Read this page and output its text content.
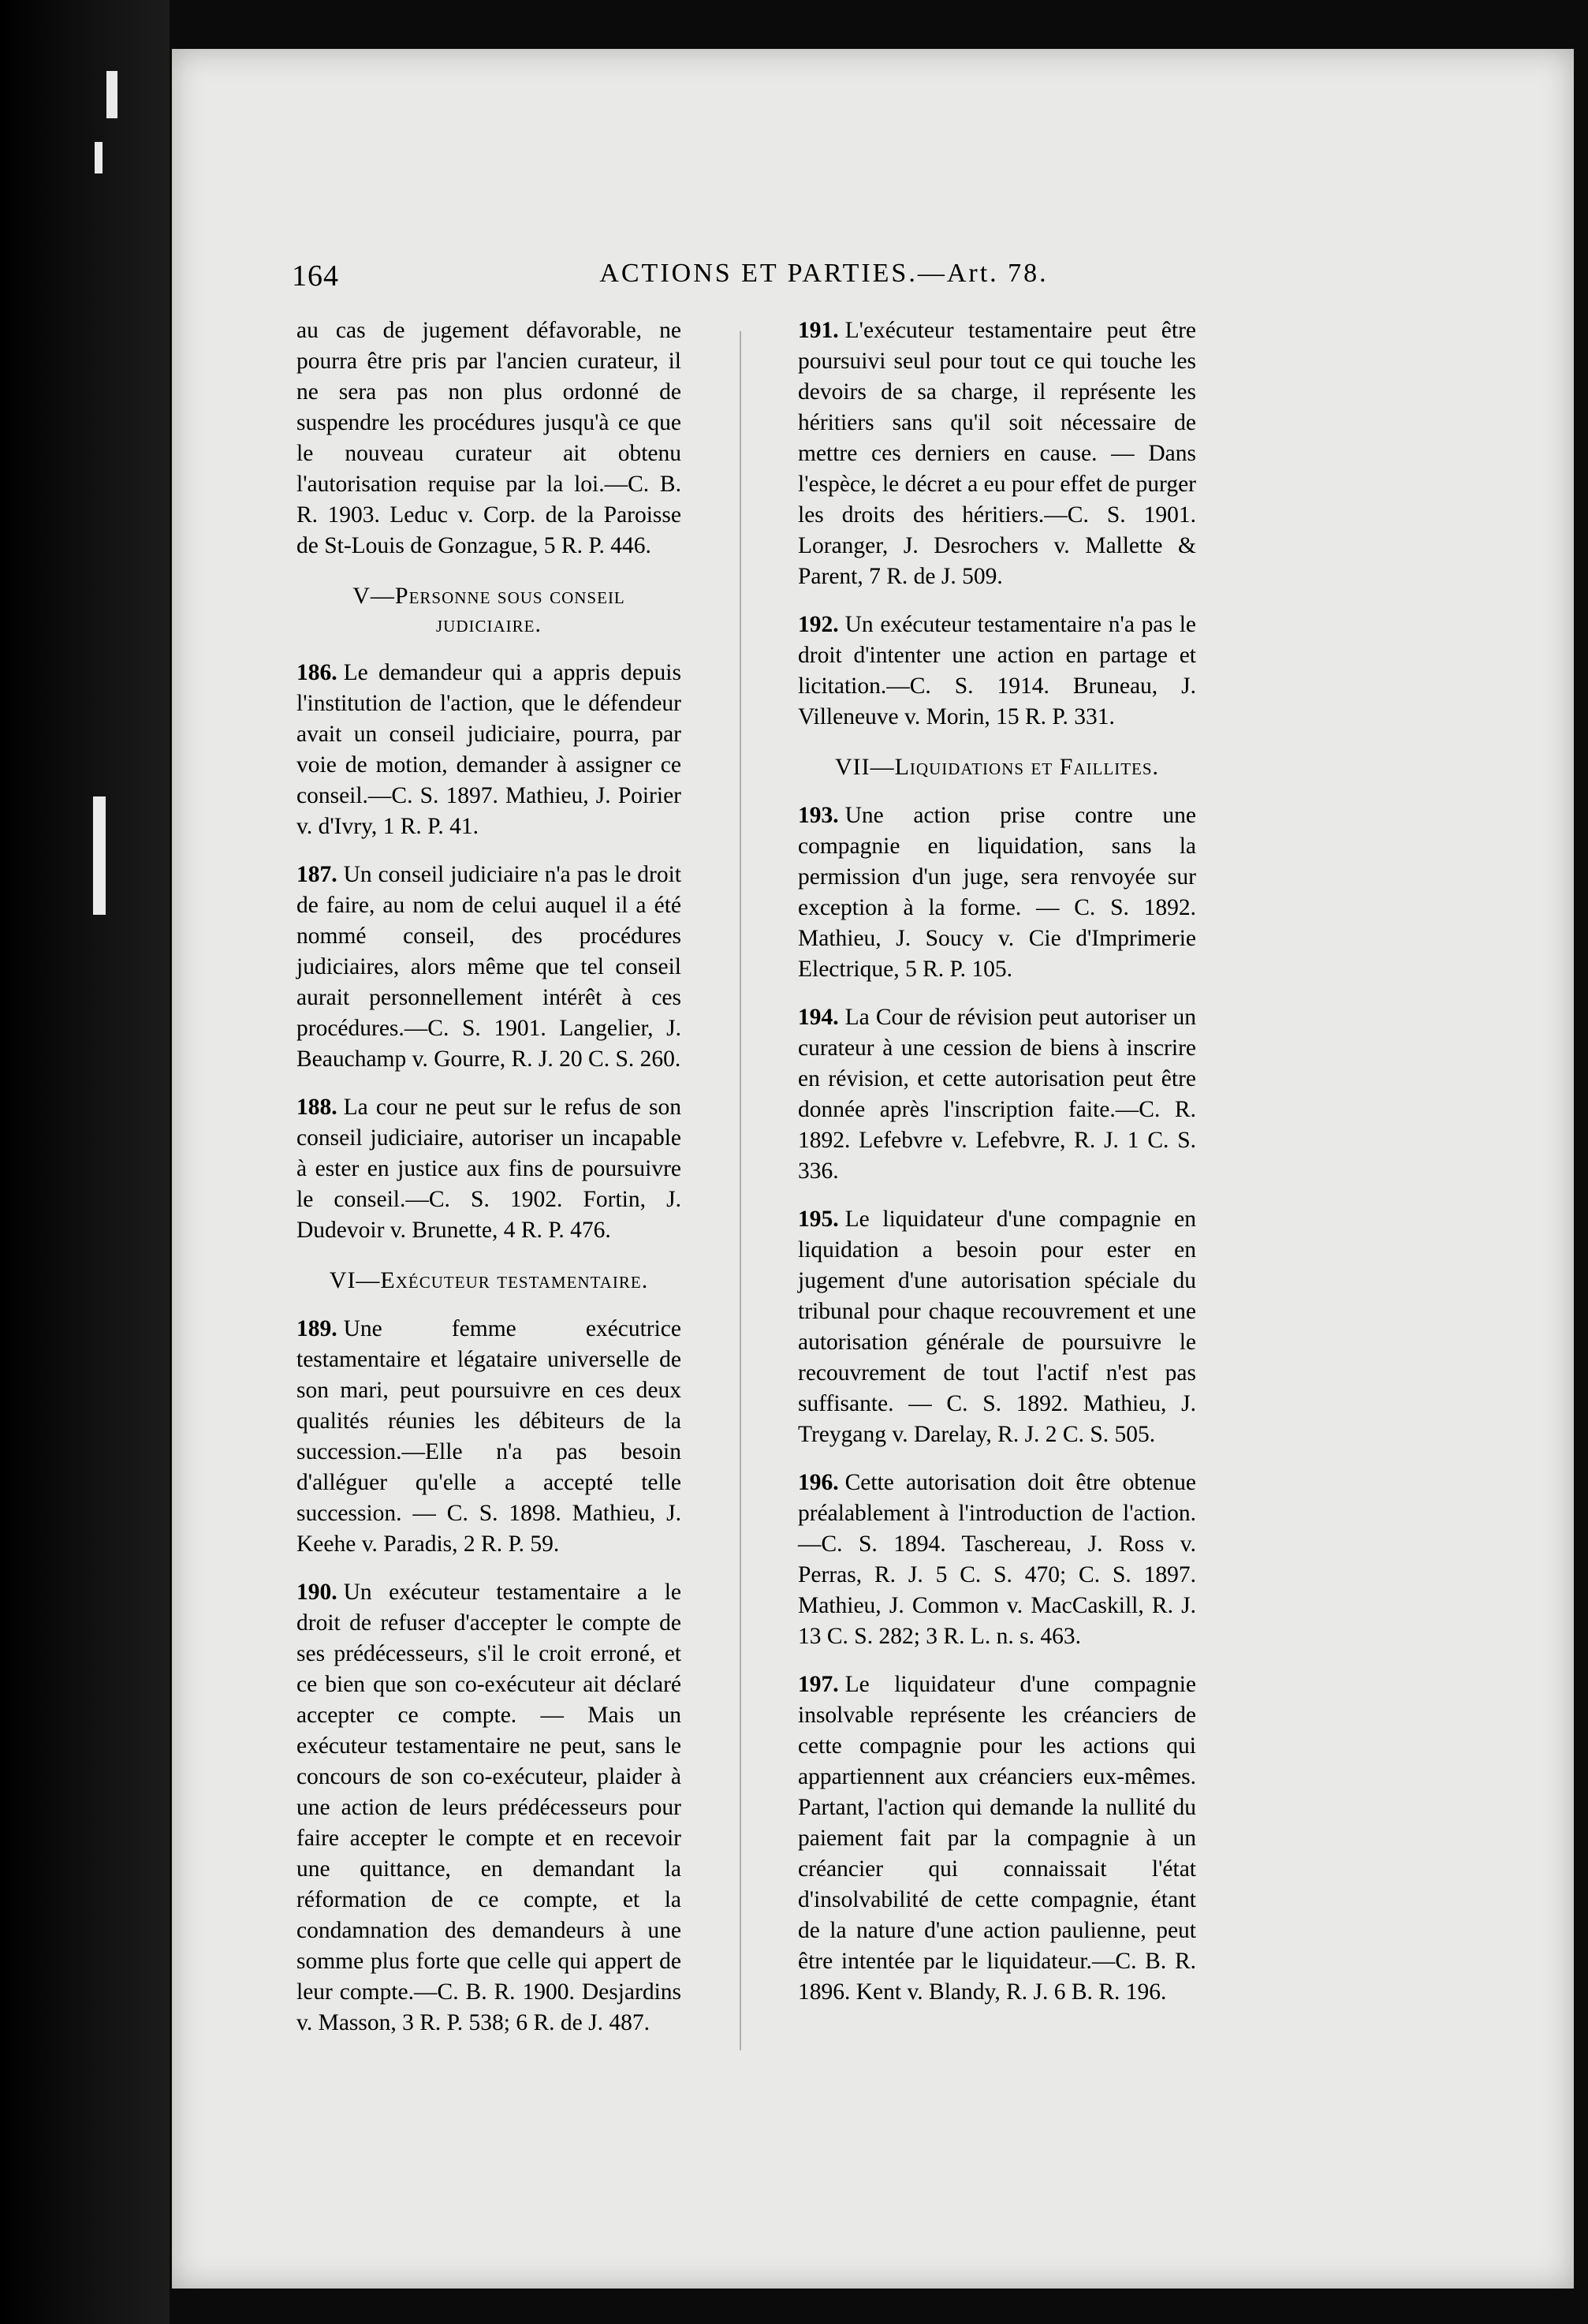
164	ACTIONS ET PARTIES.—Art. 78.

au cas de jugement défavorable, ne pourra être pris par l'ancien curateur, il ne sera pas non plus ordonné de suspendre les procédures jusqu'à ce que le nouveau curateur ait obtenu l'autorisation requise par la loi.—C. B. R. 1903. Leduc v. Corp. de la Paroisse de St-Louis de Gonzague, 5 R. P. 446.

V—Personne sous conseil judiciaire.

186. Le demandeur qui a appris depuis l'institution de l'action, que le défendeur avait un conseil judiciaire, pourra, par voie de motion, demander à assigner ce conseil.—C. S. 1897. Mathieu, J. Poirier v. d'Ivry, 1 R. P. 41.

187. Un conseil judiciaire n'a pas le droit de faire, au nom de celui auquel il a été nommé conseil, des procédures judiciaires, alors même que tel conseil aurait personnellement intérêt à ces procédures.—C. S. 1901. Langelier, J. Beauchamp v. Gourre, R. J. 20 C. S. 260.

188. La cour ne peut sur le refus de son conseil judiciaire, autoriser un incapable à ester en justice aux fins de poursuivre le conseil.—C. S. 1902. Fortin, J. Dudevoir v. Brunette, 4 R. P. 476.

VI—Exécuteur testamentaire.

189. Une femme exécutrice testamentaire et légataire universelle de son mari, peut poursuivre en ces deux qualités réunies les débiteurs de la succession.—Elle n'a pas besoin d'alléguer qu'elle a accepté telle succession. — C. S. 1898. Mathieu, J. Keehe v. Paradis, 2 R. P. 59.

190. Un exécuteur testamentaire a le droit de refuser d'accepter le compte de ses prédécesseurs, s'il le croit erroné, et ce bien que son co-exécuteur ait déclaré accepter ce compte. — Mais un exécuteur testamentaire ne peut, sans le concours de son co-exécuteur, plaider à une action de leurs prédécesseurs pour faire accepter le compte et en recevoir une quittance, en demandant la réformation de ce compte, et la condamnation des demandeurs à une somme plus forte que celle qui appert de leur compte.—C. B. R. 1900. Desjardins v. Masson, 3 R. P. 538; 6 R. de J. 487.

191. L'exécuteur testamentaire peut être poursuivi seul pour tout ce qui touche les devoirs de sa charge, il représente les héritiers sans qu'il soit nécessaire de mettre ces derniers en cause. — Dans l'espèce, le décret a eu pour effet de purger les droits des héritiers.—C. S. 1901. Loranger, J. Desrochers v. Mallette & Parent, 7 R. de J. 509.

192. Un exécuteur testamentaire n'a pas le droit d'intenter une action en partage et licitation.—C. S. 1914. Bruneau, J. Villeneuve v. Morin, 15 R. P. 331.

VII—Liquidations et Faillites.

193. Une action prise contre une compagnie en liquidation, sans la permission d'un juge, sera renvoyée sur exception à la forme. — C. S. 1892. Mathieu, J. Soucy v. Cie d'Imprimerie Electrique, 5 R. P. 105.

194. La Cour de révision peut autoriser un curateur à une cession de biens à inscrire en révision, et cette autorisation peut être donnée après l'inscription faite.—C. R. 1892. Lefebvre v. Lefebvre, R. J. 1 C. S. 336.

195. Le liquidateur d'une compagnie en liquidation a besoin pour ester en jugement d'une autorisation spéciale du tribunal pour chaque recouvrement et une autorisation générale de poursuivre le recouvrement de tout l'actif n'est pas suffisante. — C. S. 1892. Mathieu, J. Treygang v. Darelay, R. J. 2 C. S. 505.

196. Cette autorisation doit être obtenue préalablement à l'introduction de l'action.—C. S. 1894. Taschereau, J. Ross v. Perras, R. J. 5 C. S. 470; C. S. 1897. Mathieu, J. Common v. MacCaskill, R. J. 13 C. S. 282; 3 R. L. n. s. 463.

197. Le liquidateur d'une compagnie insolvable représente les créanciers de cette compagnie pour les actions qui appartiennent aux créanciers eux-mêmes. Partant, l'action qui demande la nullité du paiement fait par la compagnie à un créancier qui connaissait l'état d'insolvabilité de cette compagnie, étant de la nature d'une action paulienne, peut être intentée par le liquidateur.—C. B. R. 1896. Kent v. Blandy, R. J. 6 B. R. 196.
